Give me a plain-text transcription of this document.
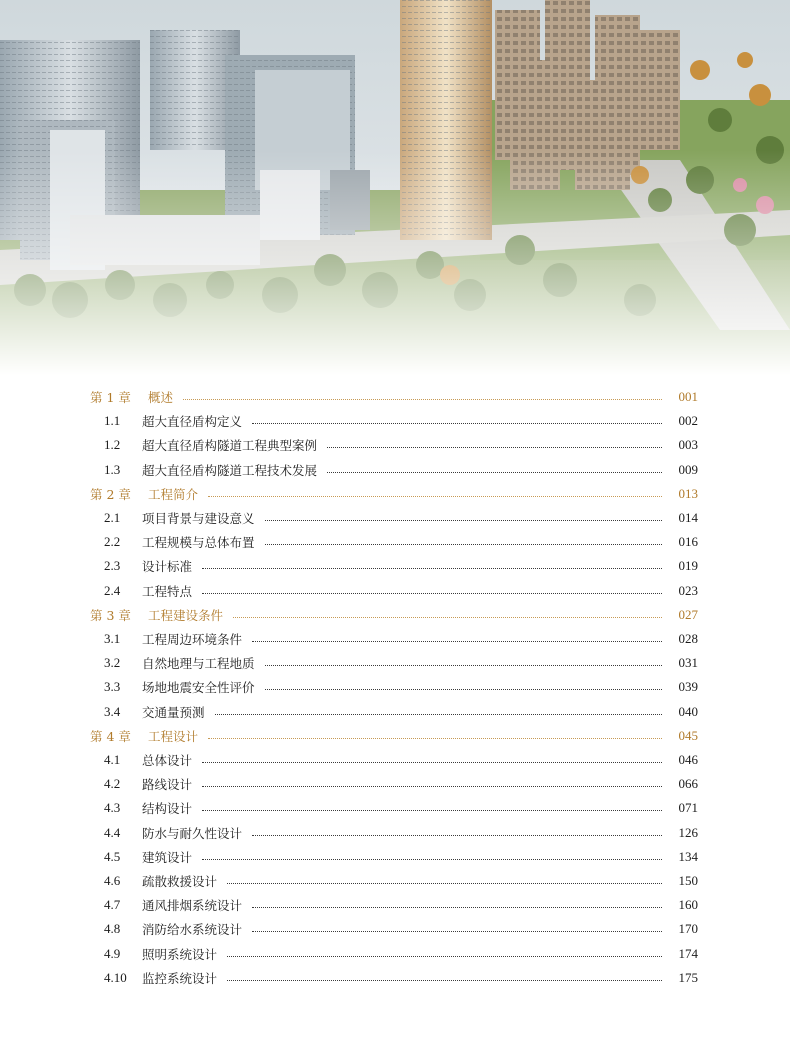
第 1 章 概述	001
1.1 超大直径盾构定义	002
1.2 超大直径盾构隧道工程典型案例	003
1.3 超大直径盾构隧道工程技术发展	009
第 2 章 工程简介	013
2.1 项目背景与建设意义	014
2.2 工程规模与总体布置	016
2.3 设计标准	019
2.4 工程特点	023
第 3 章 工程建设条件	027
3.1 工程周边环境条件	028
3.2 自然地理与工程地质	031
3.3 场地地震安全性评价	039
3.4 交通量预测	040
第 4 章 工程设计	045
4.1 总体设计	046
4.2 路线设计	066
4.3 结构设计	071
4.4 防水与耐久性设计	126
4.5 建筑设计	134
4.6 疏散救援设计	150
4.7 通风排烟系统设计	160
4.8 消防给水系统设计	170
4.9 照明系统设计	174
4.10 监控系统设计	175
